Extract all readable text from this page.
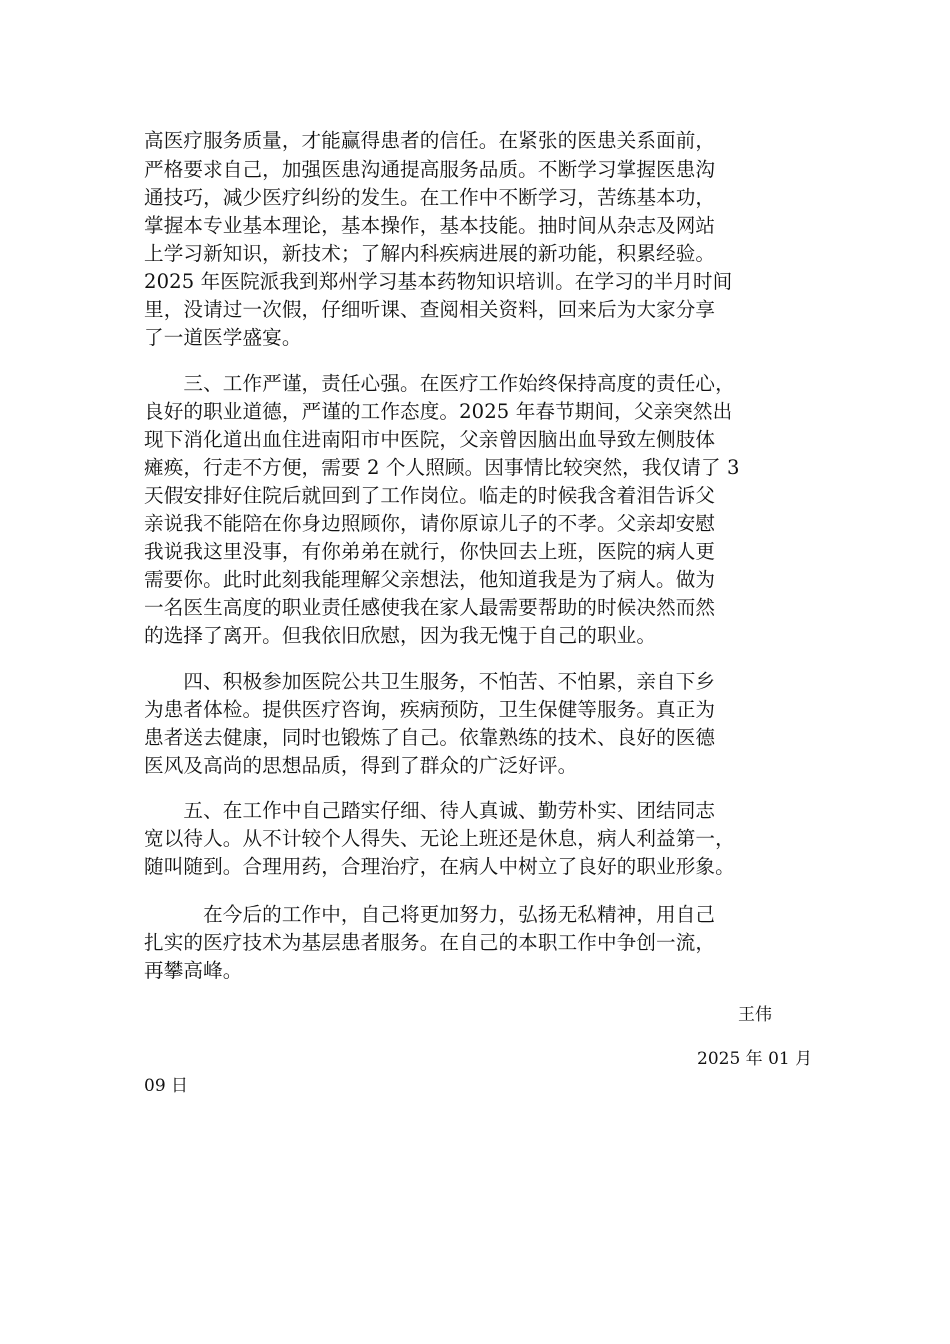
高医疗服务质量，才能赢得患者的信任。在紧张的医患关系面前，
严格要求自己，加强医患沟通提高服务品质。不断学习掌握医患沟
通技巧，减少医疗纠纷的发生。在工作中不断学习，苦练基本功，
掌握本专业基本理论，基本操作，基本技能。抽时间从杂志及网站
上学习新知识，新技术；了解内科疾病进展的新功能，积累经验。
2025 年医院派我到郑州学习基本药物知识培训。在学习的半月时间
里，没请过一次假，仔细听课、查阅相关资料，回来后为大家分享
了一道医学盛宴。
　　三、工作严谨，责任心强。在医疗工作始终保持高度的责任心，
良好的职业道德，严谨的工作态度。2025 年春节期间，父亲突然出
现下消化道出血住进南阳市中医院，父亲曾因脑出血导致左侧肢体
瘫痪，行走不方便，需要 2 个人照顾。因事情比较突然，我仅请了 3
天假安排好住院后就回到了工作岗位。临走的时候我含着泪告诉父
亲说我不能陪在你身边照顾你，请你原谅儿子的不孝。父亲却安慰
我说我这里没事，有你弟弟在就行，你快回去上班，医院的病人更
需要你。此时此刻我能理解父亲想法，他知道我是为了病人。做为
一名医生高度的职业责任感使我在家人最需要帮助的时候决然而然
的选择了离开。但我依旧欣慰，因为我无愧于自己的职业。
　　四、积极参加医院公共卫生服务，不怕苦、不怕累，亲自下乡
为患者体检。提供医疗咨询，疾病预防，卫生保健等服务。真正为
患者送去健康，同时也锻炼了自己。依靠熟练的技术、良好的医德
医风及高尚的思想品质，得到了群众的广泛好评。
　　五、在工作中自己踏实仔细、待人真诚、勤劳朴实、团结同志
宽以待人。从不计较个人得失、无论上班还是休息，病人利益第一，
随叫随到。合理用药，合理治疗，在病人中树立了良好的职业形象。
　　　在今后的工作中，自己将更加努力，弘扬无私精神，用自己
扎实的医疗技术为基层患者服务。在自己的本职工作中争创一流，
再攀高峰。
王伟
2025 年 01 月
09 日
